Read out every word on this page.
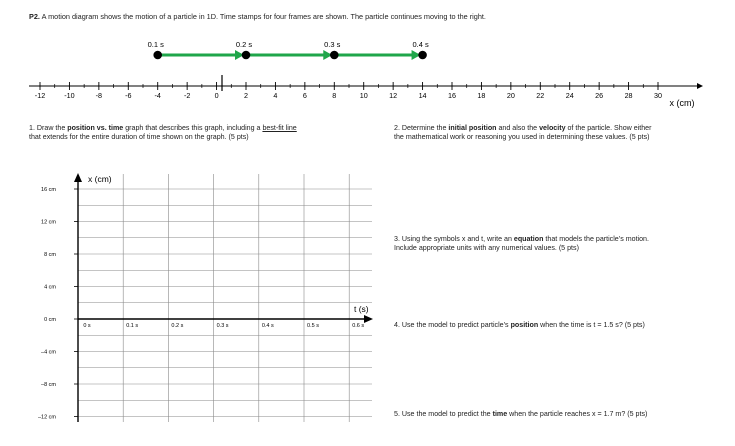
P2. A motion diagram shows the motion of a particle in 1D. Time stamps for four frames are shown. The particle continues moving to the right.
0.1 s	0.2 s	0.3 s	0.4 s
-12	-10	-8	-6	-4	-2	0	2	4	6	8	10	12	14	16	18	20	22	24	26	28	30
x (cm)
1. Draw the position vs. time graph that describes this graph, including a best-fit line
that extends for the entire duration of time shown on the graph. (5 pts)
16 cm
12 cm
8 cm
4 cm
0 cm
–4 cm
–8 cm
–12 cm
0 s	0.1 s	0.2 s	0.3 s	0.4 s	0.5 s	0.6 s
x (cm)
t (s)
2. Determine the initial position and also the velocity of the particle. Show either
the mathematical work or reasoning you used in determining these values. (5 pts)
3. Using the symbols x and t, write an equation that models the particle’s motion.
Include appropriate units with any numerical values. (5 pts)
4. Use the model to predict particle’s position when the time is t = 1.5 s? (5 pts)
5. Use the model to predict the time when the particle reaches x = 1.7 m? (5 pts)
